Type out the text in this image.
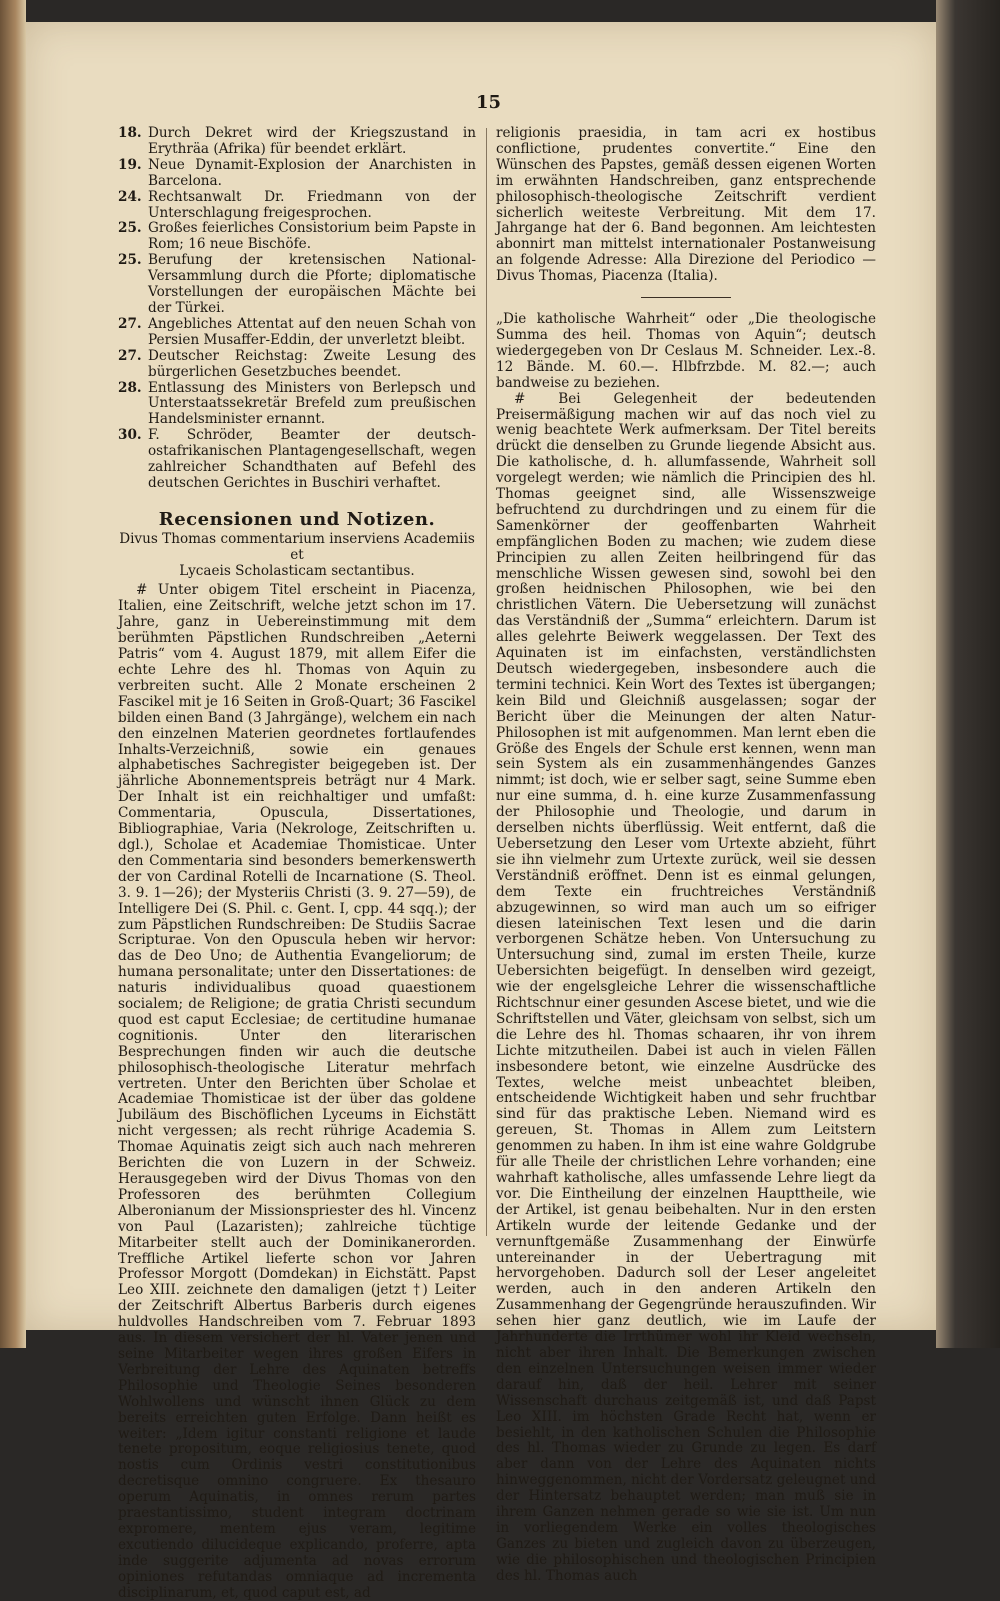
15
18. Durch Dekret wird der Kriegszustand in Erythräa (Afrika) für beendet erklärt.
19. Neue Dynamit-Explosion der Anarchisten in Barcelona.
24. Rechtsanwalt Dr. Friedmann von der Unterschlagung freigesprochen.
25. Großes feierliches Consistorium beim Papste in Rom; 16 neue Bischöfe.
25. Berufung der kretensischen National-Versammlung durch die Pforte; diplomatische Vorstellungen der europäischen Mächte bei der Türkei.
27. Angebliches Attentat auf den neuen Schah von Persien Musaffer-Eddin, der unverletzt bleibt.
27. Deutscher Reichstag: Zweite Lesung des bürgerlichen Gesetzbuches beendet.
28. Entlassung des Ministers von Berlepsch und Unterstaatssekretär Brefeld zum preußischen Handelsminister ernannt.
30. F. Schröder, Beamter der deutsch-ostafrikanischen Plantagengesellschaft, wegen zahlreicher Schandthaten auf Befehl des deutschen Gerichtes in Buschiri verhaftet.
Recensionen und Notizen.
Divus Thomas commentarium inserviens Academiis et
Lycaeis Scholasticam sectantibus.

# Unter obigem Titel erscheint in Piacenza, Italien, eine Zeitschrift, welche jetzt schon im 17. Jahre, ganz in Uebereinstimmung mit dem berühmten Päpstlichen Rundschreiben „Aeterni Patris“ vom 4. August 1879, mit allem Eifer die echte Lehre des hl. Thomas von Aquin zu verbreiten sucht. Alle 2 Monate erscheinen 2 Fascikel mit je 16 Seiten in Groß-Quart; 36 Fascikel bilden einen Band (3 Jahrgänge), welchem ein nach den einzelnen Materien geordnetes fortlaufendes Inhalts-Verzeichniß, sowie ein genaues alphabetisches Sachregister beigegeben ist. Der jährliche Abonnementspreis beträgt nur 4 Mark. Der Inhalt ist ein reichhaltiger und umfaßt: Commentaria, Opuscula, Dissertationes, Bibliographiae, Varia (Nekrologe, Zeitschriften u. dgl.), Scholae et Academiae Thomisticae. Unter den Commentaria sind besonders bemerkenswerth der von Cardinal Rotelli de Incarnatione (S. Theol. 3. 9. 1—26); der Mysteriis Christi (3. 9. 27—59), de Intelligere Dei (S. Phil. c. Gent. I, cpp. 44 sqq.); der zum Päpstlichen Rundschreiben: De Studiis Sacrae Scripturae. Von den Opuscula heben wir hervor: das de Deo Uno; de Authentia Evangeliorum; de humana personalitate; unter den Dissertationes: de naturis individualibus quoad quaestionem socialem; de Religione; de gratia Christi secundum quod est caput Ecclesiae; de certitudine humanae cognitionis. Unter den literarischen Besprechungen finden wir auch die deutsche philosophisch-theologische Literatur mehrfach vertreten. Unter den Berichten über Scholae et Academiae Thomisticae ist der über das goldene Jubiläum des Bischöflichen Lyceums in Eichstätt nicht vergessen; als recht rührige Academia S. Thomae Aquinatis zeigt sich auch nach mehreren Berichten die von Luzern in der Schweiz. Herausgegeben wird der Divus Thomas von den Professoren des berühmten Collegium Alberonianum der Missionspriester des hl. Vincenz von Paul (Lazaristen); zahlreiche tüchtige Mitarbeiter stellt auch der Dominikanerorden. Treffliche Artikel lieferte schon vor Jahren Professor Morgott (Domdekan) in Eichstätt. Papst Leo XIII. zeichnete den damaligen (jetzt †) Leiter der Zeitschrift Albertus Barberis durch eigenes huldvolles Handschreiben vom 7. Februar 1893 aus. In diesem versichert der hl. Vater jenen und seine Mitarbeiter wegen ihres großen Eifers in Verbreitung der Lehre des Aquinaten betreffs Philosophie und Theologie Seines besonderen Wohlwollens und wünscht ihnen Glück zu dem bereits erreichten guten Erfolge. Dann heißt es weiter: „Idem igitur constanti religione et laude tenete propositum, eoque religiosius tenete, quod nostis cum Ordinis vestri constitutionibus decretisque omnino congruere. Ex thesauro operum Aquinatis, in omnes rerum partes praestantissimo, student integram doctrinam expromere, mentem ejus veram, legitime excutiendo dilucideque explicando, proferre, apta inde suggerite adjumenta ad novas errorum opiniones refutandas omniaque ad incrementa disciplinarum, et, quod caput est, ad

religionis praesidia, in tam acri ex hostibus conflictione, prudentes convertite.“ Eine den Wünschen des Papstes, gemäß dessen eigenen Worten im erwähnten Handschreiben, ganz entsprechende philosophisch-theologische Zeitschrift verdient sicherlich weiteste Verbreitung. Mit dem 17. Jahrgange hat der 6. Band begonnen. Am leichtesten abonnirt man mittelst internationaler Postanweisung an folgende Adresse: Alla Direzione del Periodico — Divus Thomas, Piacenza (Italia).

„Die katholische Wahrheit“ oder „Die theologische Summa des heil. Thomas von Aquin“; deutsch wiedergegeben von Dr Ceslaus M. Schneider. Lex.-8. 12 Bände. M. 60.—. Hlbfrzbde. M. 82.—; auch bandweise zu beziehen.

# Bei Gelegenheit der bedeutenden Preisermäßigung machen wir auf das noch viel zu wenig beachtete Werk aufmerksam. Der Titel bereits drückt die denselben zu Grunde liegende Absicht aus. Die katholische, d. h. allumfassende, Wahrheit soll vorgelegt werden; wie nämlich die Principien des hl. Thomas geeignet sind, alle Wissenszweige befruchtend zu durchdringen und zu einem für die Samenkörner der geoffenbarten Wahrheit empfänglichen Boden zu machen; wie zudem diese Principien zu allen Zeiten heilbringend für das menschliche Wissen gewesen sind, sowohl bei den großen heidnischen Philosophen, wie bei den christlichen Vätern. Die Uebersetzung will zunächst das Verständniß der „Summa“ erleichtern. Darum ist alles gelehrte Beiwerk weggelassen. Der Text des Aquinaten ist im einfachsten, verständlichsten Deutsch wiedergegeben, insbesondere auch die termini technici. Kein Wort des Textes ist übergangen; kein Bild und Gleichniß ausgelassen; sogar der Bericht über die Meinungen der alten Natur-Philosophen ist mit aufgenommen. Man lernt eben die Größe des Engels der Schule erst kennen, wenn man sein System als ein zusammenhängendes Ganzes nimmt; ist doch, wie er selber sagt, seine Summe eben nur eine summa, d. h. eine kurze Zusammenfassung der Philosophie und Theologie, und darum in derselben nichts überflüssig. Weit entfernt, daß die Uebersetzung den Leser vom Urtexte abzieht, führt sie ihn vielmehr zum Urtexte zurück, weil sie dessen Verständniß eröffnet. Denn ist es einmal gelungen, dem Texte ein fruchtreiches Verständniß abzugewinnen, so wird man auch um so eifriger diesen lateinischen Text lesen und die darin verborgenen Schätze heben. Von Untersuchung zu Untersuchung sind, zumal im ersten Theile, kurze Uebersichten beigefügt. In denselben wird gezeigt, wie der engelsgleiche Lehrer die wissenschaftliche Richtschnur einer gesunden Ascese bietet, und wie die Schriftstellen und Väter, gleichsam von selbst, sich um die Lehre des hl. Thomas schaaren, ihr von ihrem Lichte mitzutheilen. Dabei ist auch in vielen Fällen insbesondere betont, wie einzelne Ausdrücke des Textes, welche meist unbeachtet bleiben, entscheidende Wichtigkeit haben und sehr fruchtbar sind für das praktische Leben. Niemand wird es gereuen, St. Thomas in Allem zum Leitstern genommen zu haben. In ihm ist eine wahre Goldgrube für alle Theile der christlichen Lehre vorhanden; eine wahrhaft katholische, alles umfassende Lehre liegt da vor. Die Eintheilung der einzelnen Haupttheile, wie der Artikel, ist genau beibehalten. Nur in den ersten Artikeln wurde der leitende Gedanke und der vernunftgemäße Zusammenhang der Einwürfe untereinander in der Uebertragung mit hervorgehoben. Dadurch soll der Leser angeleitet werden, auch in den anderen Artikeln den Zusammenhang der Gegengründe herauszufinden. Wir sehen hier ganz deutlich, wie im Laufe der Jahrhunderte die Irrthümer wohl ihr Kleid wechseln, nicht aber ihren Inhalt. Die Bemerkungen zwischen den einzelnen Untersuchungen weisen immer wieder darauf hin, daß der heil. Lehrer mit seiner Wissenschaft durchaus zeitgemäß ist, und daß Papst Leo XIII. im höchsten Grade Recht hat, wenn er besiehlt, in den katholischen Schulen die Philosophie des hl. Thomas wieder zu Grunde zu legen. Es darf aber dann von der Lehre des Aquinaten nichts hinweggenommen, nicht der Vordersatz geleugnet und der Hintersatz behauptet werden; man muß sie in ihrem Ganzen nehmen gerade so wie sie ist. Um nun in vorliegendem Werke ein volles theologisches Ganzes zu bieten und zugleich davon zu überzeugen, wie die philosophischen und theologischen Principien des hl. Thomas auch
